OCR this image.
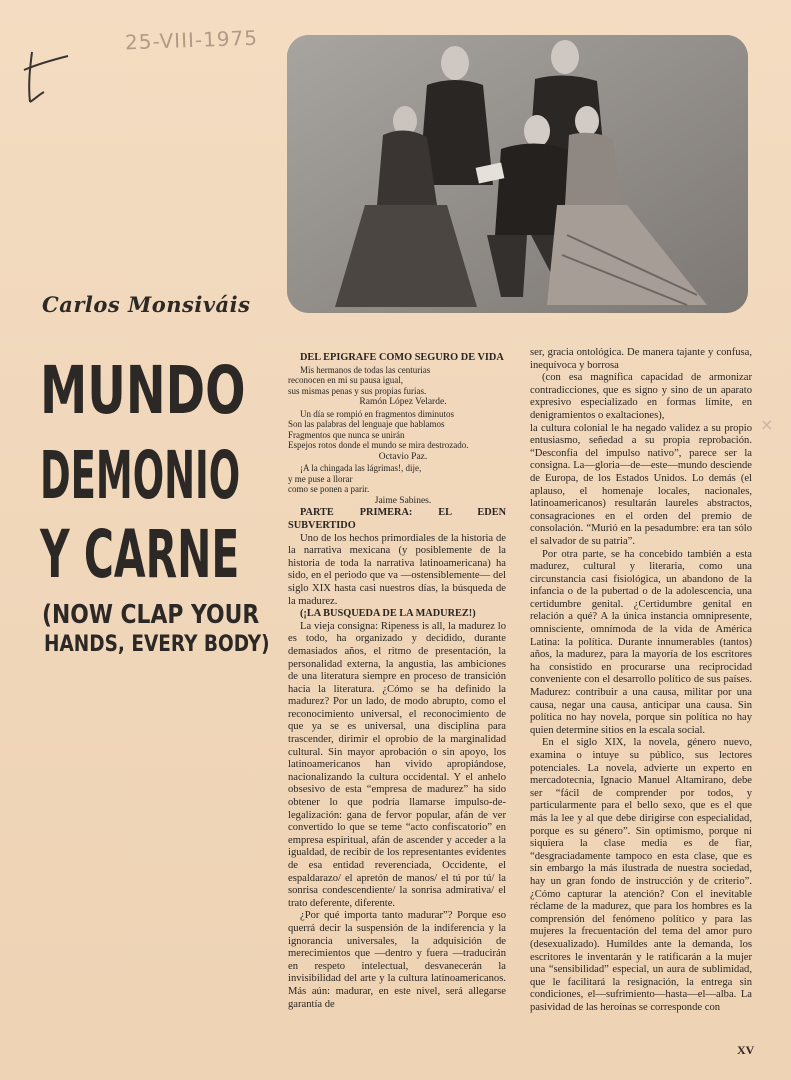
25-VIII-1975
Carlos Monsiváis
MUNDO
DEMONIO
Y CARNE
(NOW CLAP YOUR
HANDS, EVERY BODY)

DEL EPIGRAFE COMO SEGURO DE VIDA

Mis hermanos de todas las centurias
reconocen en mi su pausa igual,
sus mismas penas y sus propias furias.

Ramón López Velarde.

Un día se rompió en fragmentos diminutos
Son las palabras del lenguaje que hablamos
Fragmentos que nunca se unirán
Espejos rotos donde el mundo se mira destrozado.

Octavio Paz.

¡A la chingada las lágrimas!, dije,
y me puse a llorar
como se ponen a parir.

Jaime Sabines.

PARTE PRIMERA: EL EDEN SUBVERTIDO

Uno de los hechos primordiales de la historia de la narrativa mexicana (y posiblemente de la historia de toda la narrativa latinoamericana) ha sido, en el periodo que va —ostensiblemente— del siglo XIX hasta casi nuestros días, la búsqueda de la madurez.

(¡LA BUSQUEDA DE LA MADUREZ!)

La vieja consigna: Ripeness is all, la madurez lo es todo, ha organizado y decidido, durante demasiados años, el ritmo de presentación, la personalidad externa, la angustia, las ambiciones de una literatura siempre en proceso de transición hacia la literatura. ¿Cómo se ha definido la madurez? Por un lado, de modo abrupto, como el reconocimiento universal, el reconocimiento de que ya se es universal, una disciplina para trascender, dirimir el oprobio de la marginalidad cultural. Sin mayor aprobación o sin apoyo, los latinoamericanos han vivido apropiándose, nacionalizando la cultura occidental. Y el anhelo obsesivo de esta “empresa de madurez” ha sido obtener lo que podría llamarse impulso-de-legalización: gana de fervor popular, afán de ver convertido lo que se teme “acto confiscatorio” en empresa espiritual, afán de ascender y acceder a la igualdad, de recibir de los representantes evidentes de esa entidad reverenciada, Occidente, el espaldarazo/ el apretón de manos/ el tú por tú/ la sonrisa condescendiente/ la sonrisa admirativa/ el trato deferente, diferente.

¿Por qué importa tanto madurar”? Porque eso querrá decir la suspensión de la indiferencia y la ignorancia universales, la adquisición de merecimientos que —dentro y fuera —traducirán en respeto intelectual, desvanecerán la invisibilidad del arte y la cultura latinoamericanos. Más aún: madurar, en este nivel, será allegarse garantía de

ser, gracia ontológica. De manera tajante y confusa, inequívoca y borrosa

(con esa magnífica capacidad de armonizar contradicciones, que es signo y sino de un aparato expresivo especializado en formas límite, en denigramientos o exaltaciones),

la cultura colonial le ha negado validez a su propio entusiasmo, señedad a su propia reprobación. “Desconfía del impulso nativo”, parece ser la consigna. La—gloria—de—este—mundo desciende de Europa, de los Estados Unidos. Lo demás (el aplauso, el homenaje locales, nacionales, latinoamericanos) resultarán laureles abstractos, consagraciones en el orden del premio de consolación. “Murió en la pesadumbre: era tan sólo el salvador de su patria”.

Por otra parte, se ha concebido también a esta madurez, cultural y literaria, como una circunstancia casi fisiológica, un abandono de la infancia o de la pubertad o de la adolescencia, una certidumbre genital. ¿Certidumbre genital en relación a qué? A la única instancia omnipresente, omnisciente, omnímoda de la vida de América Latina: la política. Durante innumerables (tantos) años, la madurez, para la mayoría de los escritores ha consistido en procurarse una reciprocidad conveniente con el desarrollo político de sus países. Madurez: contribuir a una causa, militar por una causa, negar una causa, anticipar una causa. Sin política no hay novela, porque sin política no hay quien determine sitios en la escala social.

En el siglo XIX, la novela, género nuevo, examina o intuye su público, sus lectores potenciales. La novela, advierte un experto en mercadotecnia, Ignacio Manuel Altamirano, debe ser “fácil de comprender por todos, y particularmente para el bello sexo, que es el que más la lee y al que debe dirigirse con especialidad, porque es su género”. Sin optimismo, porque ni siquiera la clase media es de fiar, “desgraciadamente tampoco en esta clase, que es sin embargo la más ilustrada de nuestra sociedad, hay un gran fondo de instrucción y de criterio”. ¿Cómo capturar la atención? Con el inevitable réclame de la madurez, que para los hombres es la comprensión del fenómeno político y para las mujeres la frecuentación del tema del amor puro (desexualizado). Humildes ante la demanda, los escritores le inventarán y le ratificarán a la mujer una “sensibilidad” especial, un aura de sublimidad, que le facilitará la resignación, la entrega sin condiciones, el—sufrimiento—hasta—el—alba. La pasividad de las heroínas se corresponde con

×
XV
